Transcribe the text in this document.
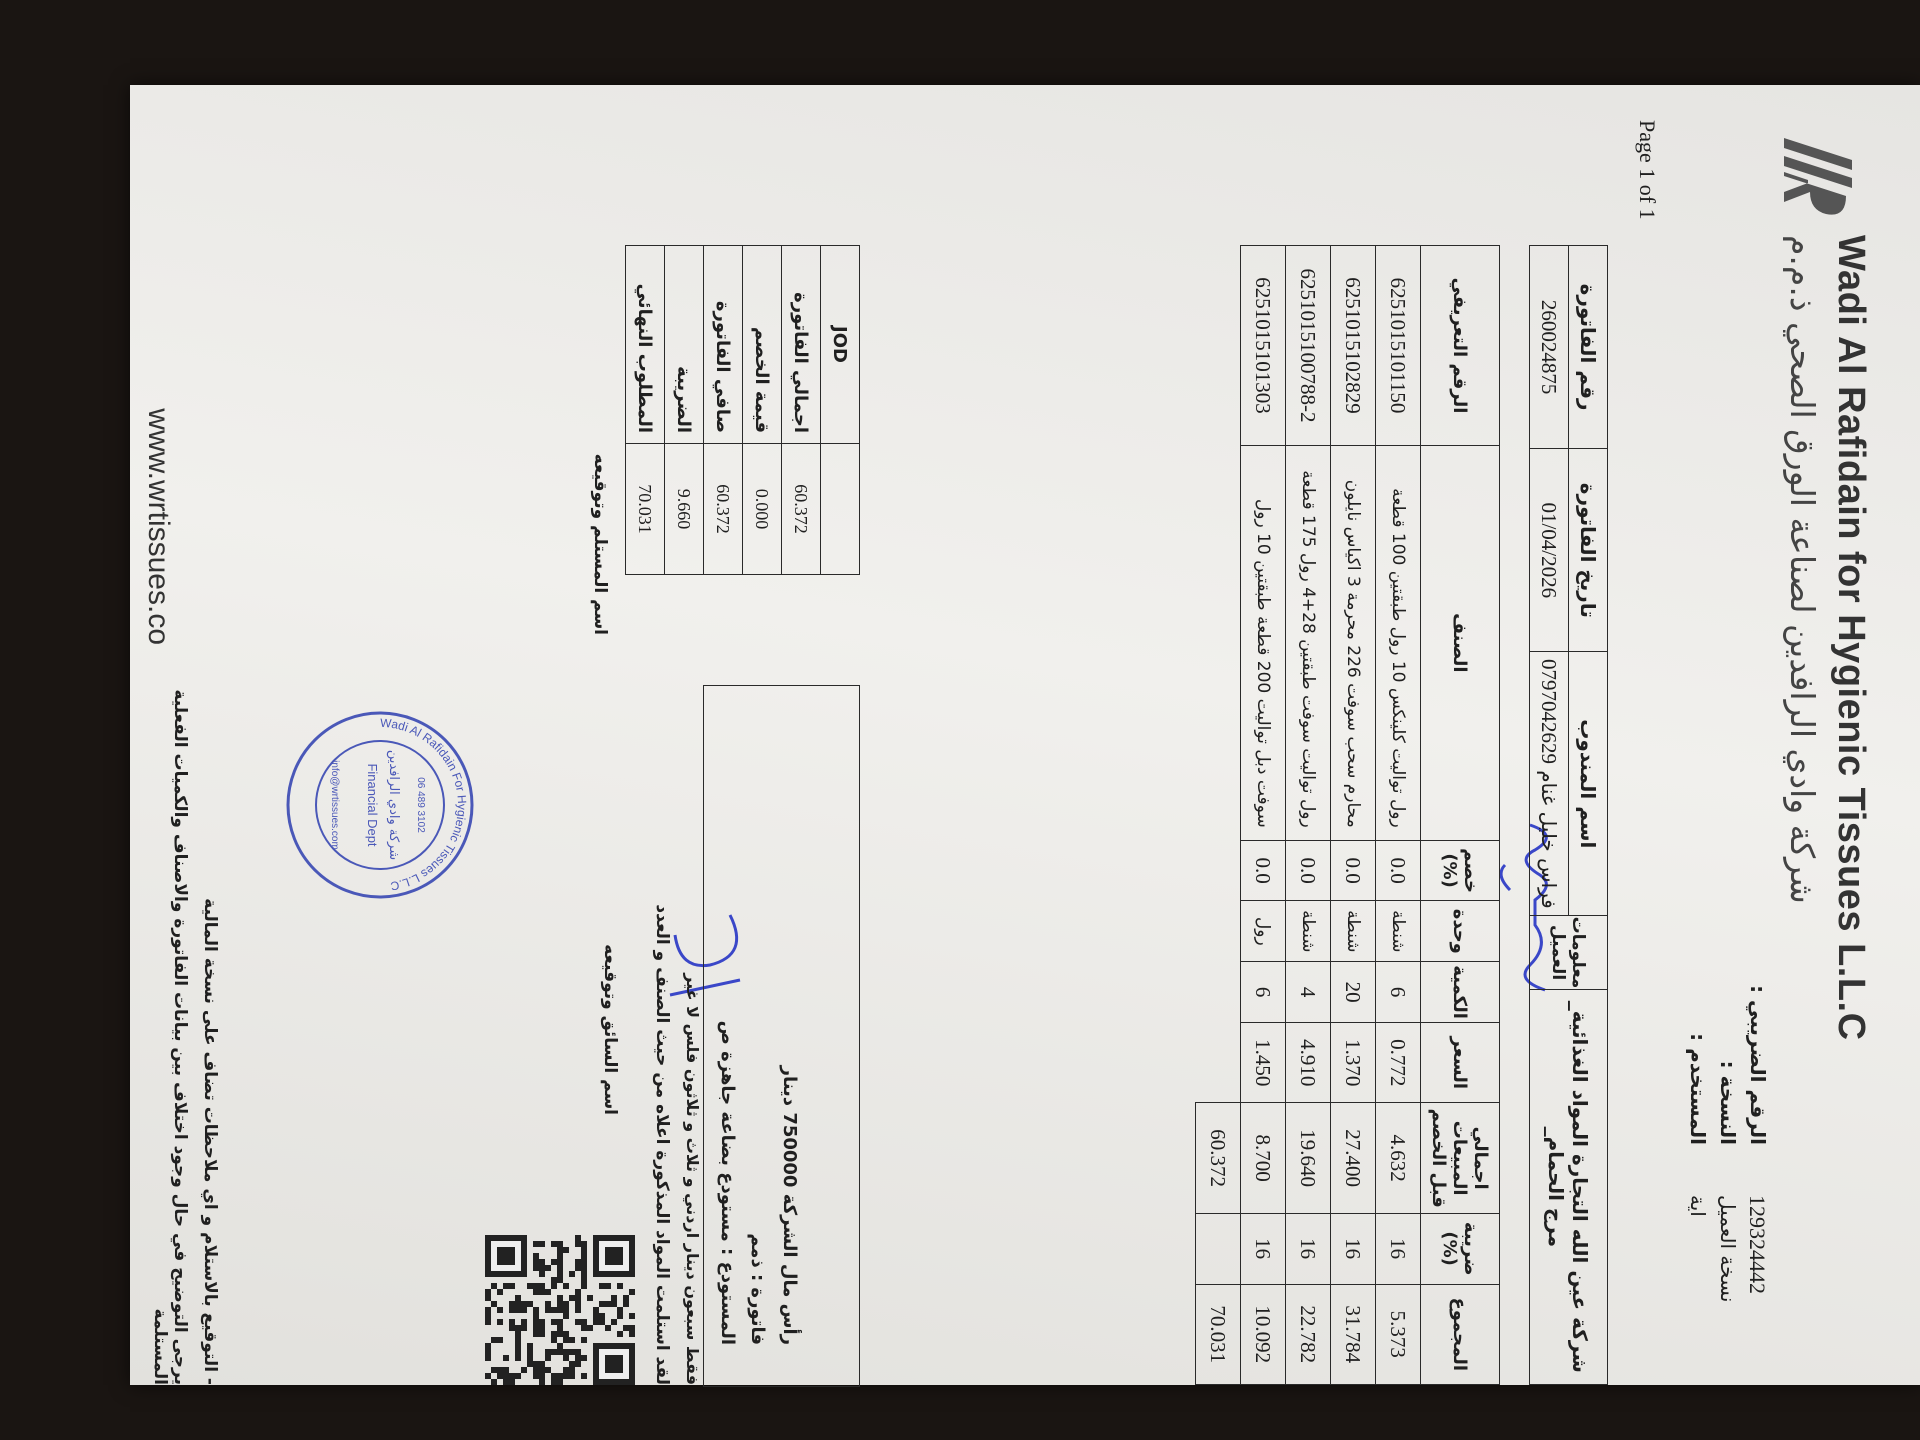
Wadi Al Rafidain for Hygienic Tissues L.L.C
شركة وادي الرافدين لصناعة الورق الصحي ذ.م.م
الرقم الضريبي :
129324442
النسخة :
نسخة العميل
المستخدم :
اية
Page 1 of 1
رأس مال الشركة 750000 دينار
فاتورة : ذمم
المستودع : مستودع بضاعة جاهزة ص	شركة عين الله التجارة المواد الغذائية_ مرج الحمام_	معلومات العميل	اسم المندوب	تاريخ الفاتورة	رقم الفاتورة
		فراس خليل غنام 0797042629	01/04/2026	260024875
المجموع	ضريبة (%)	اجمالي المبيعات قبل الخصم	السعر	الكمية	وحدة	خصم (%)	الصنف	الرقم التعريفي
5.373	16	4.632	0.772	6	شنطة	0.0	رول تواليت كلينكس 10 رول طبقتين 100 قطعة	6251015101150
31.784	16	27.400	1.370	20	شنطة	0.0	محارم سحب سوفت 226 محرمة 3 اكياس نايلون	6251015102829
22.782	16	19.640	4.910	4	شنطة	0.0	رول تواليت سوفت طبقتين 28+4 رول 175 قطعة	6251015100788-2
10.092	16	8.700	1.450	6	رول	0.0	سوفت دبل تواليت 200 قطعة طبقتين 10 رول	6251015101303
70.031		60.372						
	JOD
60.372	اجمالي الفاتورة
0.000	قيمة الخصم
60.372	صافي الفاتورة
9.660	الضريبة
70.031	المطلوب النهائي
فقط سبعون دينار اردني و ثلاث و ثلاثون فلس لا غير
لقد استلمت المواد المذكورة اعلاه من حيث الصنف و العدد
اسم السائق وتوقيعه
اسم المستلم وتوقيعه
Wadi Al Rafidain For Hygienic Tissues L.L.C
شركة وادي الرافدين
Financial Dept
info@wrtissues.com	06 489 3102
- التوقيع بالاستلام و اي ملاحظات تضاف على نسخة المالية
يرجى التوضيح في حال وجود اختلاف بين بيانات الفاتورة والاصناف والكميات الفعلية المستلمة
www.wrtissues.co
